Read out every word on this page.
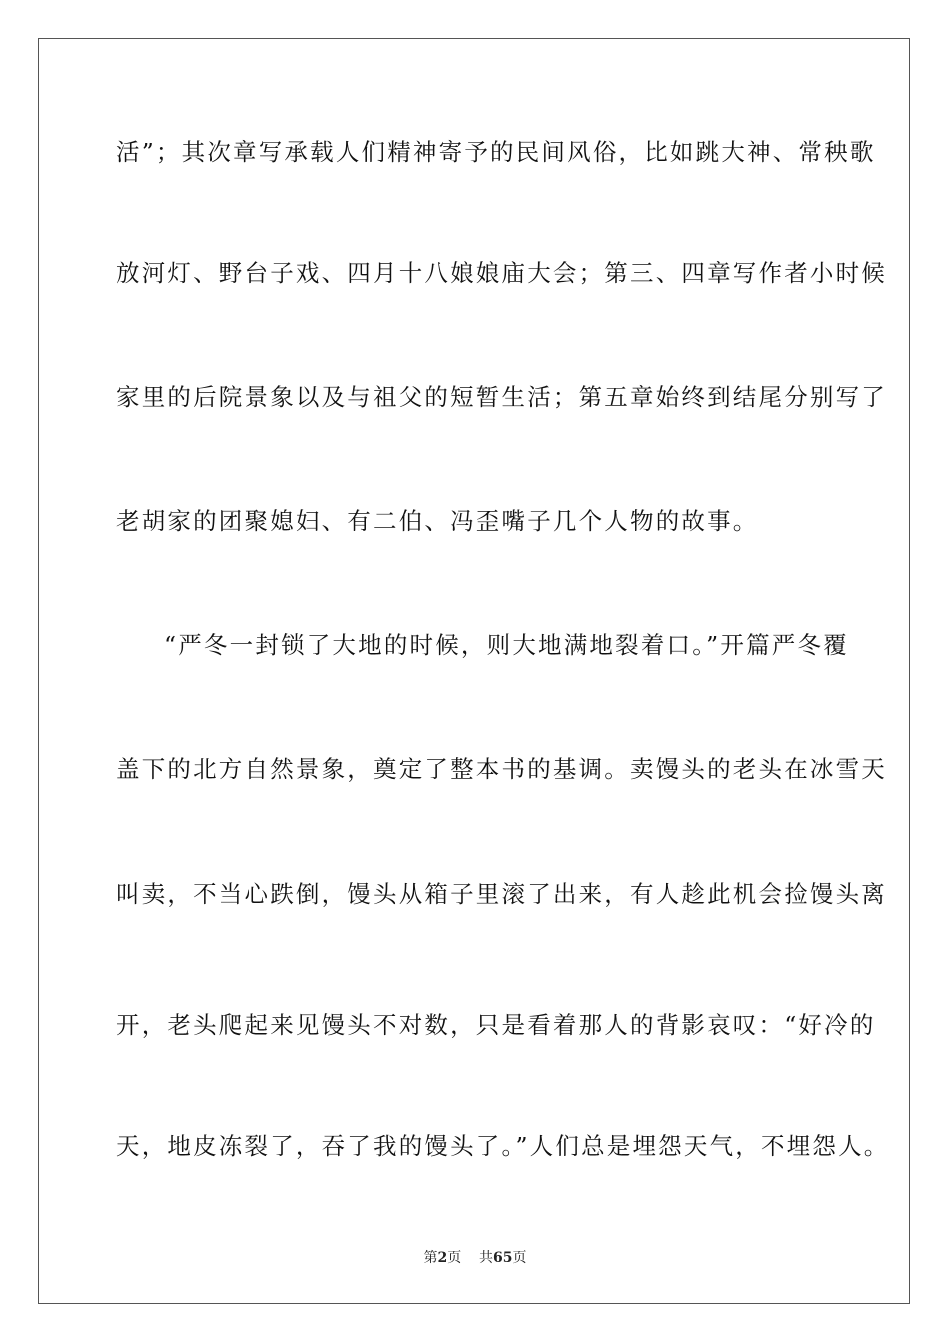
活”；其次章写承载人们精神寄予的民间风俗，比如跳大神、常秧歌
放河灯、野台子戏、四月十八娘娘庙大会；第三、四章写作者小时候
家里的后院景象以及与祖父的短暂生活；第五章始终到结尾分别写了
老胡家的团聚媳妇、有二伯、冯歪嘴子几个人物的故事。
“严冬一封锁了大地的时候，则大地满地裂着口。”开篇严冬覆
盖下的北方自然景象，奠定了整本书的基调。卖馒头的老头在冰雪天
叫卖，不当心跌倒，馒头从箱子里滚了出来，有人趁此机会捡馒头离
开，老头爬起来见馒头不对数，只是看着那人的背影哀叹：“好冷的
天，地皮冻裂了，吞了我的馒头了。”人们总是埋怨天气，不埋怨人。
第2页 共65页
